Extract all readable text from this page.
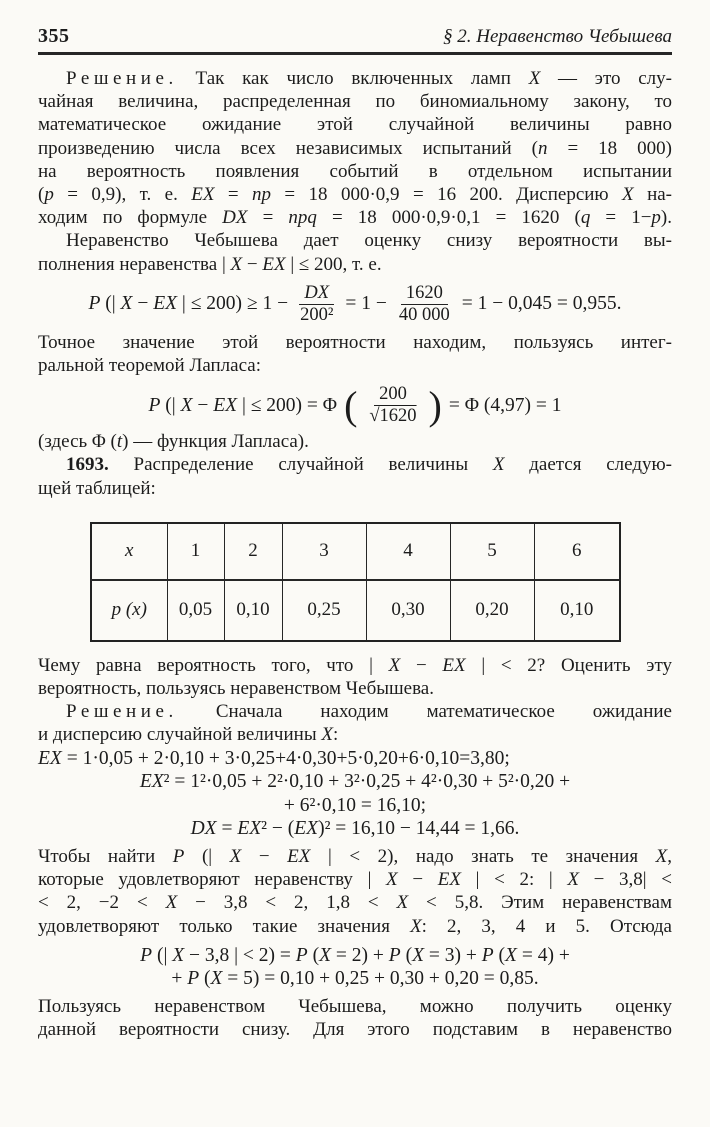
355	§ 2. Неравенство Чебышева
Решение. Так как число включенных ламп X — это слу-
чайная величина, распределенная по биномиальному закону, то
математическое ожидание этой случайной величины равно
произведению числа всех независимых испытаний (n = 18 000)
на вероятность появления событий в отдельном испытании
(p = 0,9), т. е. EX = np = 18 000·0,9 = 16 200. Дисперсию X на-
ходим по формуле DX = npq = 18 000·0,9·0,1 = 1620 (q = 1−p).
Неравенство Чебышева дает оценку снизу вероятности вы-
полнения неравенства | X − EX | ≤ 200, т. е.
P (| X − EX | ≤ $200) \ge 1 - \frac{DX}{\text{200²}} = 1 - \frac{1620}{40 000} = 1 - 0,045 = 0,955$.
Точное значение этой вероятности находим, пользуясь интег-
ральной теоремой Лапласа:
P (| X − EX | ≤ 200) = Φ ( $\frac{200}{√1620}$ ) = Φ (4,97) = 1
(здесь Φ (t) — функция Лапласа).
1693. Распределение случайной величины X дается следую-
щей таблицей:
x	1	2	3	4	5	6
p (x)	0,05	0,10	0,25	0,30	0,20	0,10
Чему равна вероятность того, что | X − EX | < 2? Оценить эту
вероятность, пользуясь неравенством Чебышева.
Решение. Сначала находим математическое ожидание
и дисперсию случайной величины X:
EX = 1·0,05 + 2·0,10 + 3·0,25+4·0,30+5·0,20+6·0,10=3,80;
EX² = 1²·0,05 + 2²·0,10 + 3²·0,25 + 4²·0,30 + 5²·0,20 +
+ 6²·0,10 = 16,10;
DX = EX² − (EX)² = 16,10 − 14,44 = 1,66.
Чтобы найти P (| X − EX | < 2), надо знать те значения X,
которые удовлетворяют неравенству | X − EX | < 2: | X − 3,8| <
< 2, −2 < X − 3,8 < 2, 1,8 < X < 5,8. Этим неравенствам
удовлетворяют только такие значения X: 2, 3, 4 и 5. Отсюда
P (| X − 3,8 | < 2) = P (X = 2) + P (X = 3) + P (X = 4) +
+ P (X = 5) = 0,10 + 0,25 + 0,30 + 0,20 = 0,85.
Пользуясь неравенством Чебышева, можно получить оценку
данной вероятности снизу. Для этого подставим в неравенство
